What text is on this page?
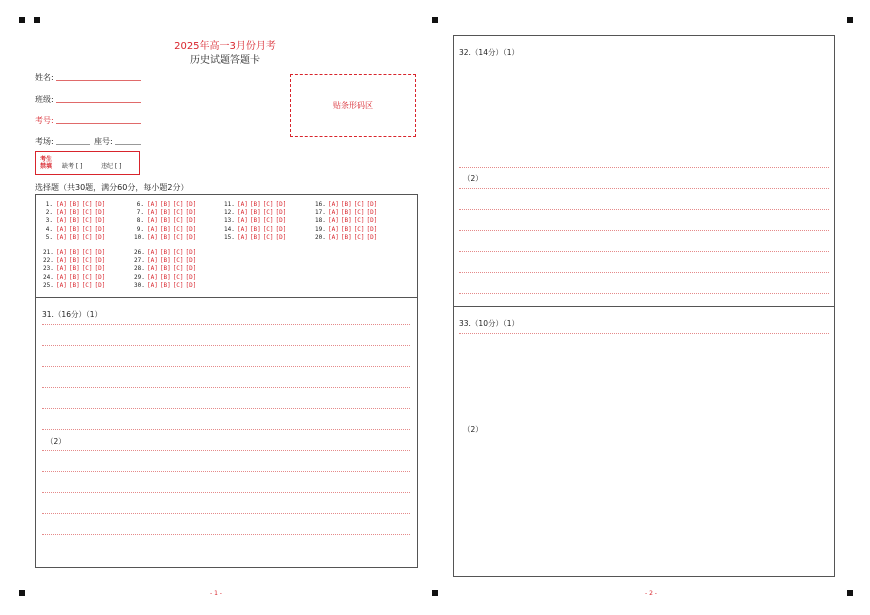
2025年高一3月份月考
历史试题答题卡
姓名:
班级:
考号:
考场:	座号:
贴条形码区
考生
禁填 缺考 [ ]	违纪 [ ]
选择题（共30题，满分60分，每小题2分）
1. [A] [B] [C] [D]
2. [A] [B] [C] [D]
3. [A] [B] [C] [D]
4. [A] [B] [C] [D]
5. [A] [B] [C] [D]
6. [A] [B] [C] [D]
7. [A] [B] [C] [D]
8. [A] [B] [C] [D]
9. [A] [B] [C] [D]
10. [A] [B] [C] [D]
11. [A] [B] [C] [D]
12. [A] [B] [C] [D]
13. [A] [B] [C] [D]
14. [A] [B] [C] [D]
15. [A] [B] [C] [D]
16. [A] [B] [C] [D]
17. [A] [B] [C] [D]
18. [A] [B] [C] [D]
19. [A] [B] [C] [D]
20. [A] [B] [C] [D]
21. [A] [B] [C] [D]
22. [A] [B] [C] [D]
23. [A] [B] [C] [D]
24. [A] [B] [C] [D]
25. [A] [B] [C] [D]
26. [A] [B] [C] [D]
27. [A] [B] [C] [D]
28. [A] [B] [C] [D]
29. [A] [B] [C] [D]
30. [A] [B] [C] [D]
31.（16分）（1）
（2）
- 1 -
32.（14分）（1）
（2）
33.（10分）（1）
（2）
- 2 -
